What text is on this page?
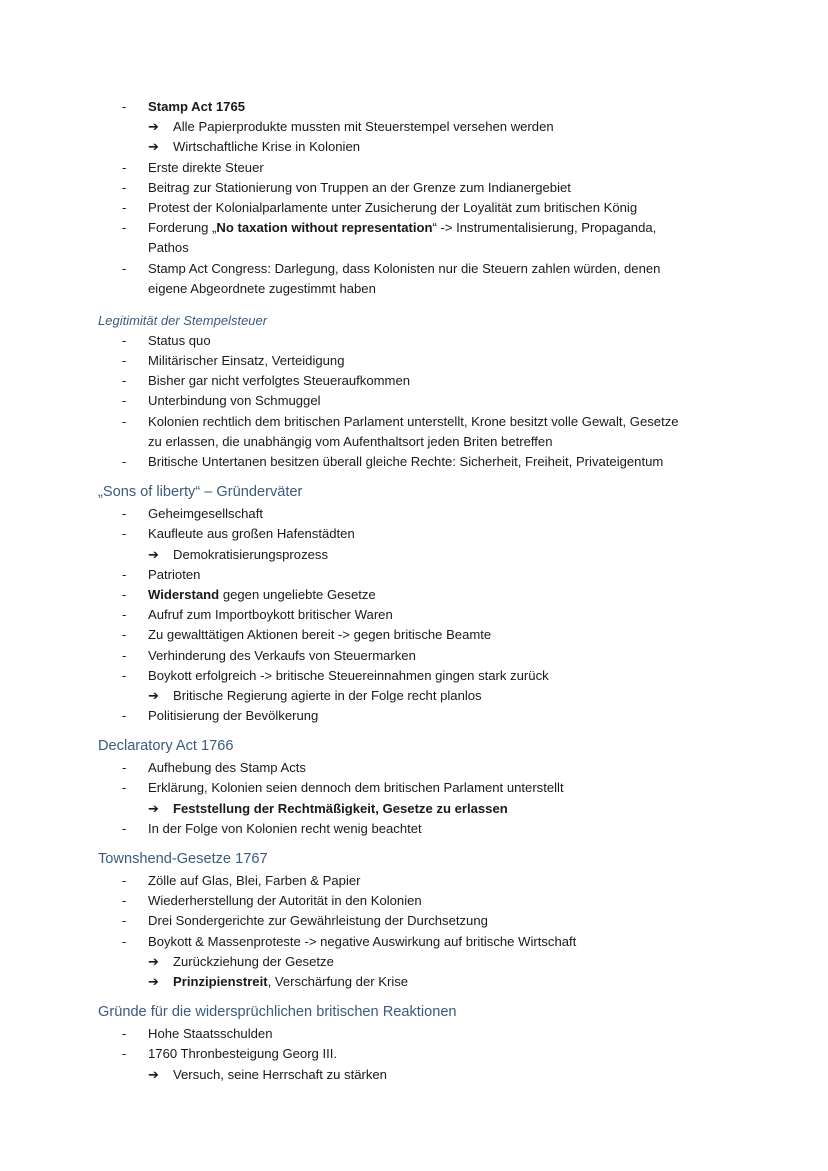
- Stamp Act 1765
➔ Alle Papierprodukte mussten mit Steuerstempel versehen werden
➔ Wirtschaftliche Krise in Kolonien
- Erste direkte Steuer
- Beitrag zur Stationierung von Truppen an der Grenze zum Indianergebiet
- Protest der Kolonialparlamente unter Zusicherung der Loyalität zum britischen König
- Forderung „No taxation without representation“ -> Instrumentalisierung, Propaganda,
Pathos
- Stamp Act Congress: Darlegung, dass Kolonisten nur die Steuern zahlen würden, denen
eigene Abgeordnete zugestimmt haben
Legitimität der Stempelsteuer
- Status quo
- Militärischer Einsatz, Verteidigung
- Bisher gar nicht verfolgtes Steueraufkommen
- Unterbindung von Schmuggel
- Kolonien rechtlich dem britischen Parlament unterstellt, Krone besitzt volle Gewalt, Gesetze
zu erlassen, die unabhängig vom Aufenthaltsort jeden Briten betreffen
- Britische Untertanen besitzen überall gleiche Rechte: Sicherheit, Freiheit, Privateigentum
„Sons of liberty“ – Gründerväter
- Geheimgesellschaft
- Kaufleute aus großen Hafenstädten
➔ Demokratisierungsprozess
- Patrioten
- Widerstand gegen ungeliebte Gesetze
- Aufruf zum Importboykott britischer Waren
- Zu gewalttätigen Aktionen bereit -> gegen britische Beamte
- Verhinderung des Verkaufs von Steuermarken
- Boykott erfolgreich -> britische Steuereinnahmen gingen stark zurück
➔ Britische Regierung agierte in der Folge recht planlos
- Politisierung der Bevölkerung
Declaratory Act 1766
- Aufhebung des Stamp Acts
- Erklärung, Kolonien seien dennoch dem britischen Parlament unterstellt
➔ Feststellung der Rechtmäßigkeit, Gesetze zu erlassen
- In der Folge von Kolonien recht wenig beachtet
Townshend-Gesetze 1767
- Zölle auf Glas, Blei, Farben & Papier
- Wiederherstellung der Autorität in den Kolonien
- Drei Sondergerichte zur Gewährleistung der Durchsetzung
- Boykott & Massenproteste -> negative Auswirkung auf britische Wirtschaft
➔ Zurückziehung der Gesetze
➔ Prinzipienstreit, Verschärfung der Krise
Gründe für die widersprüchlichen britischen Reaktionen
- Hohe Staatsschulden
- 1760 Thronbesteigung Georg III.
➔ Versuch, seine Herrschaft zu stärken
